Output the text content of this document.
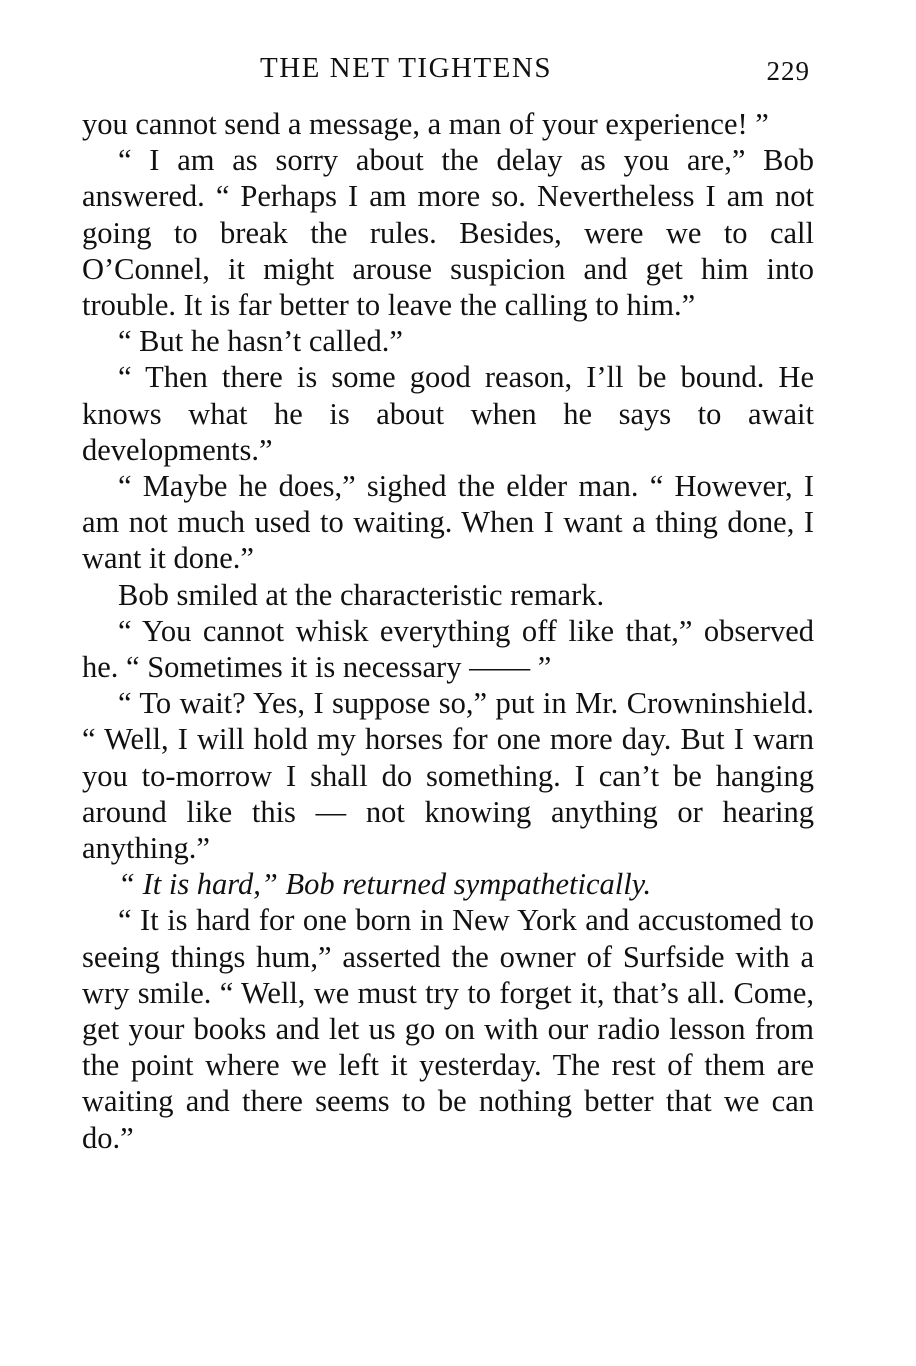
THE NET TIGHTENS	229

you cannot send a message, a man of your experience! ”

“ I am as sorry about the delay as you are,” Bob answered. “ Perhaps I am more so. Nevertheless I am not going to break the rules. Besides, were we to call O’Connel, it might arouse suspicion and get him into trouble. It is far better to leave the calling to him.”

“ But he hasn’t called.”

“ Then there is some good reason, I’ll be bound. He knows what he is about when he says to await developments.”

“ Maybe he does,” sighed the elder man. “ However, I am not much used to waiting. When I want a thing done, I want it done.”

Bob smiled at the characteristic remark.

“ You cannot whisk everything off like that,” observed he. “ Sometimes it is necessary —— ”

“ To wait? Yes, I suppose so,” put in Mr. Crowninshield. “ Well, I will hold my horses for one more day. But I warn you to-morrow I shall do something. I can’t be hanging around like this — not knowing anything or hearing anything.”

“ It is hard,” Bob returned sympathetically.

“ It is hard for one born in New York and accustomed to seeing things hum,” asserted the owner of Surfside with a wry smile. “ Well, we must try to forget it, that’s all. Come, get your books and let us go on with our radio lesson from the point where we left it yesterday. The rest of them are waiting and there seems to be nothing better that we can do.”
